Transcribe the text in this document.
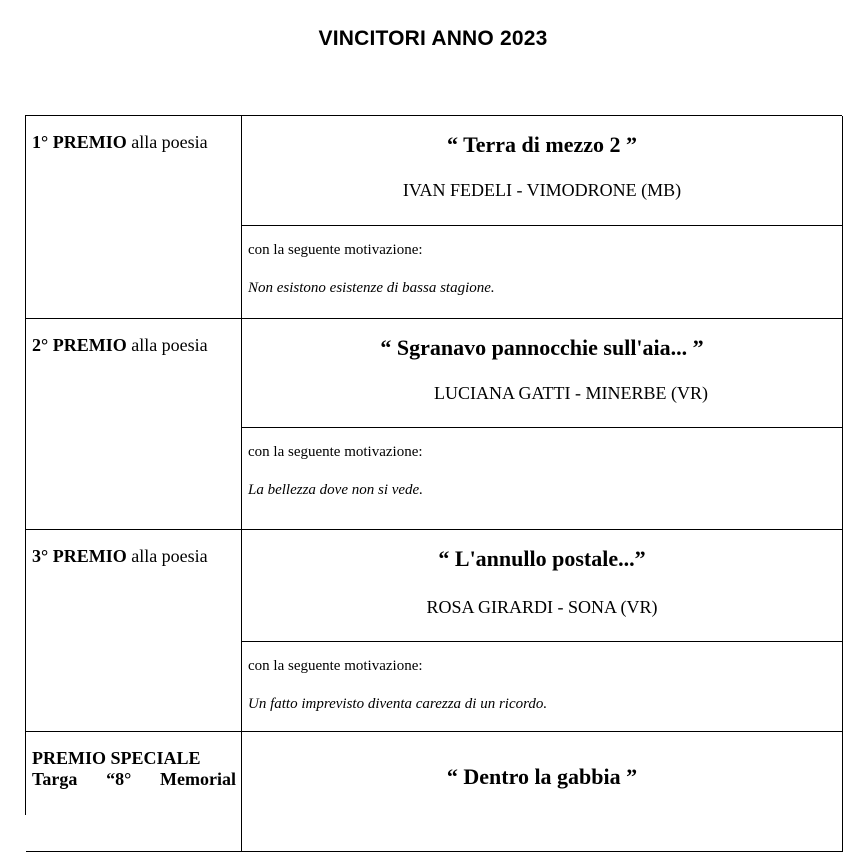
VINCITORI ANNO 2023
1° PREMIO alla poesia	“ Terra di mezzo 2 ”
IVAN FEDELI - VIMODRONE (MB)
con la seguente motivazione:
Non esistono esistenze di bassa stagione.
2° PREMIO alla poesia	“ Sgranavo pannocchie sull'aia... ”
LUCIANA GATTI - MINERBE (VR)
con la seguente motivazione:
La bellezza dove non si vede.
3° PREMIO alla poesia	“ L'annullo postale...”
ROSA GIRARDI - SONA (VR)
con la seguente motivazione:
Un fatto imprevisto diventa carezza di un ricordo.
PREMIO SPECIALE
Targa “8° Memorial	“ Dentro la gabbia ”
